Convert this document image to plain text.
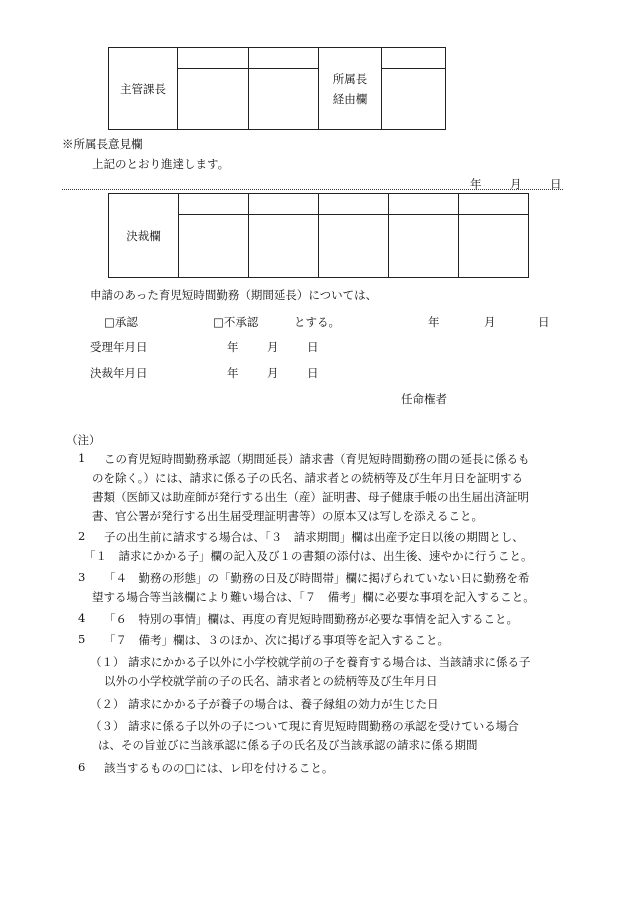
主管課長			所属長
経由欄	

※所属長意見欄
上記のとおり進達します。
年 月 日
決裁欄					

申請のあった育児短時間勤務（期間延長）については、
□承認	□不承認	とする。	年	月	日
受理年月日	年 月 日
決裁年月日	年 月 日
任命権者
（注）
1 この育児短時間勤務承認（期間延長）請求書（育児短時間勤務の間の延長に係るも
のを除く。）には、請求に係る子の氏名、請求者との続柄等及び生年月日を証明する
書類（医師又は助産師が発行する出生（産）証明書、母子健康手帳の出生届出済証明
書、官公署が発行する出生届受理証明書等）の原本又は写しを添えること。
2 子の出生前に請求する場合は、「３　請求期間」欄は出産予定日以後の期間とし、
「１　請求にかかる子」欄の記入及び１の書類の添付は、出生後、速やかに行うこと。
3 「４　勤務の形態」の「勤務の日及び時間帯」欄に掲げられていない日に勤務を希
望する場合等当該欄により難い場合は、「７　備考」欄に必要な事項を記入すること。
4 「６　特別の事情」欄は、再度の育児短時間勤務が必要な事情を記入すること。
5 「７　備考」欄は、３のほか、次に掲げる事項等を記入すること。
（１） 請求にかかる子以外に小学校就学前の子を養育する場合は、当該請求に係る子
以外の小学校就学前の子の氏名、請求者との続柄等及び生年月日
（２） 請求にかかる子が養子の場合は、養子縁組の効力が生じた日
（３） 請求に係る子以外の子について現に育児短時間勤務の承認を受けている場合
は、その旨並びに当該承認に係る子の氏名及び当該承認の請求に係る期間
6 該当するものの□には、レ印を付けること。
